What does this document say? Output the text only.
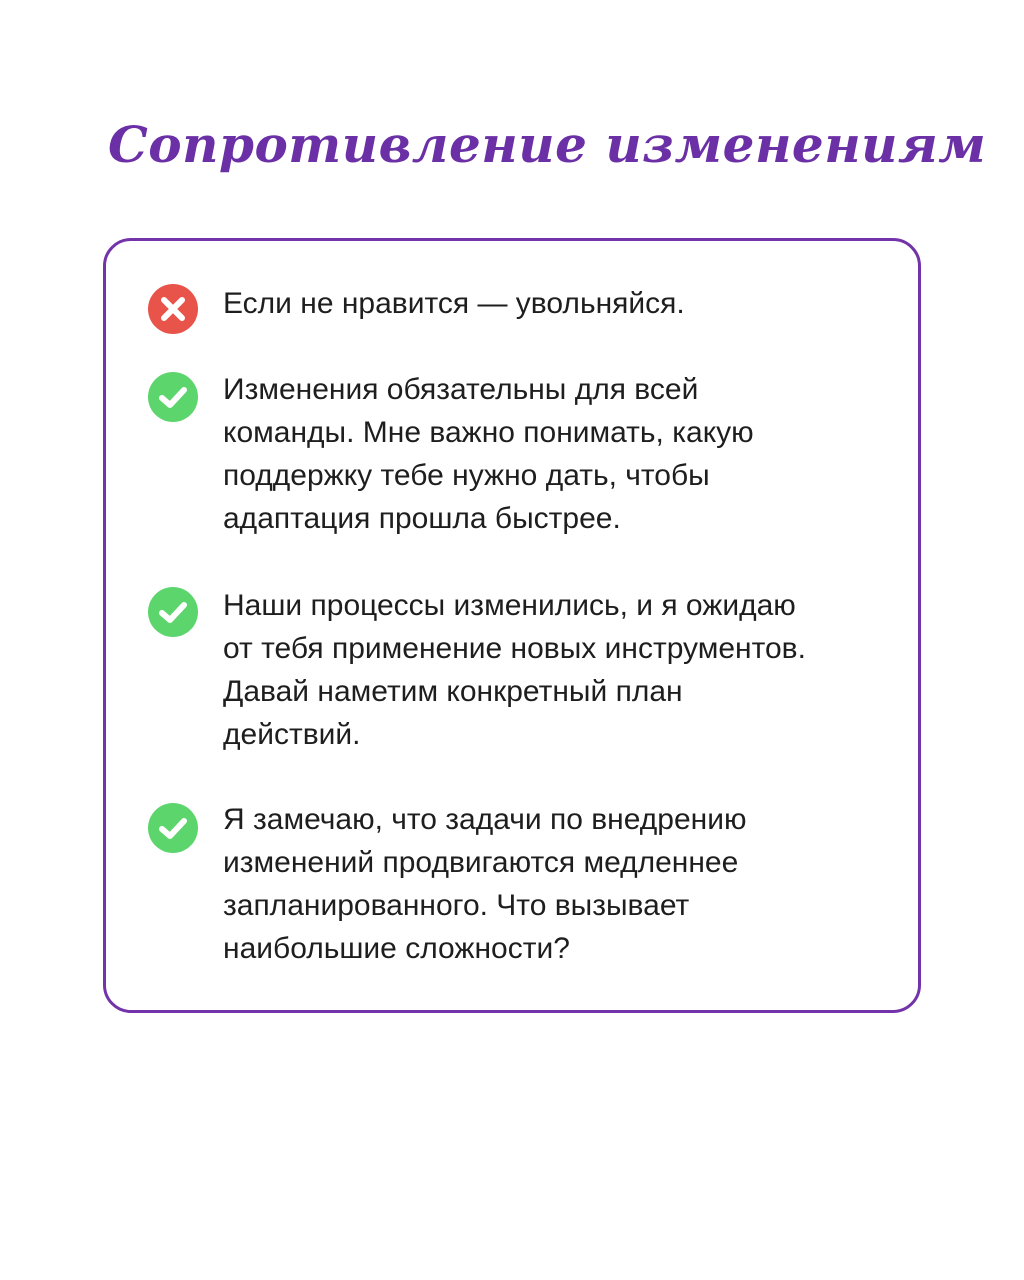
Сопротивление изменениям

Если не нравится — увольняйся.

Изменения обязательны для всей
команды. Мне важно понимать, какую
поддержку тебе нужно дать, чтобы
адаптация прошла быстрее.

Наши процессы изменились, и я ожидаю
от тебя применение новых инструментов.
Давай наметим конкретный план
действий.

Я замечаю, что задачи по внедрению
изменений продвигаются медленнее
запланированного. Что вызывает
наибольшие сложности?
